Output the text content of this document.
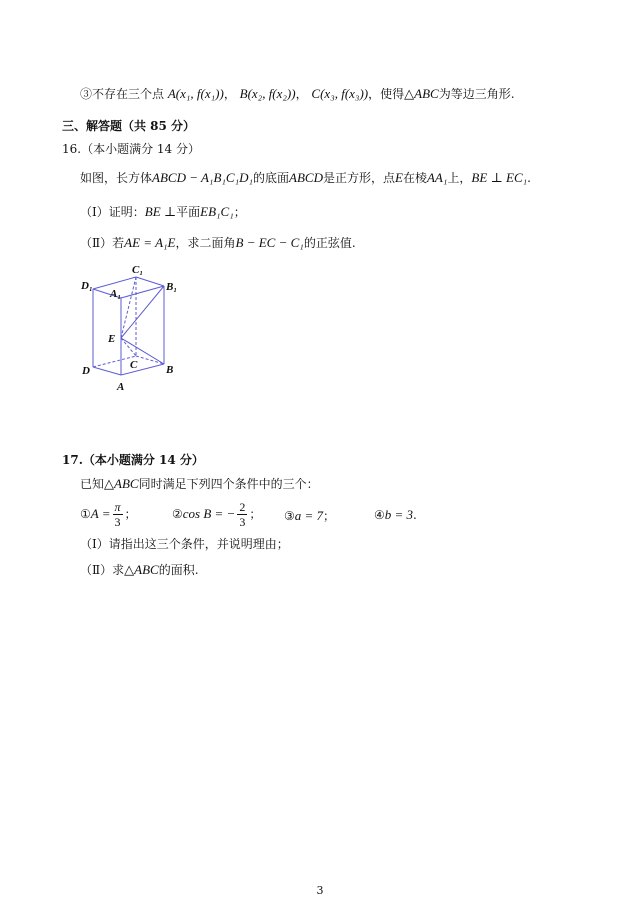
③不存在三个点 A(x₁, f(x₁))， B(x₂, f(x₂))， C(x₃, f(x₃))，使得△ABC为等边三角形.
三、解答题（共 85 分）
16.（本小题满分 14 分）
如图，长方体ABCD − A₁B₁C₁D₁的底面ABCD是正方形，点E在棱AA₁上，BE ⊥ EC₁.
（Ⅰ）证明：BE ⊥平面EB₁C₁；
（Ⅱ）若AE = A₁E，求二面角B − EC − C₁的正弦值.
C₁
D₁
A₁
B₁
E
D	C	B
A
17.（本小题满分 14 分）
已知△ABC同时满足下列四个条件中的三个：
①A = $\frac{\pi}{3}$ ；	②cos B = − $\frac{2}{3}$ ； ③a = 7；	④b = 3.
（Ⅰ）请指出这三个条件，并说明理由；
（Ⅱ）求△ABC的面积.
3
